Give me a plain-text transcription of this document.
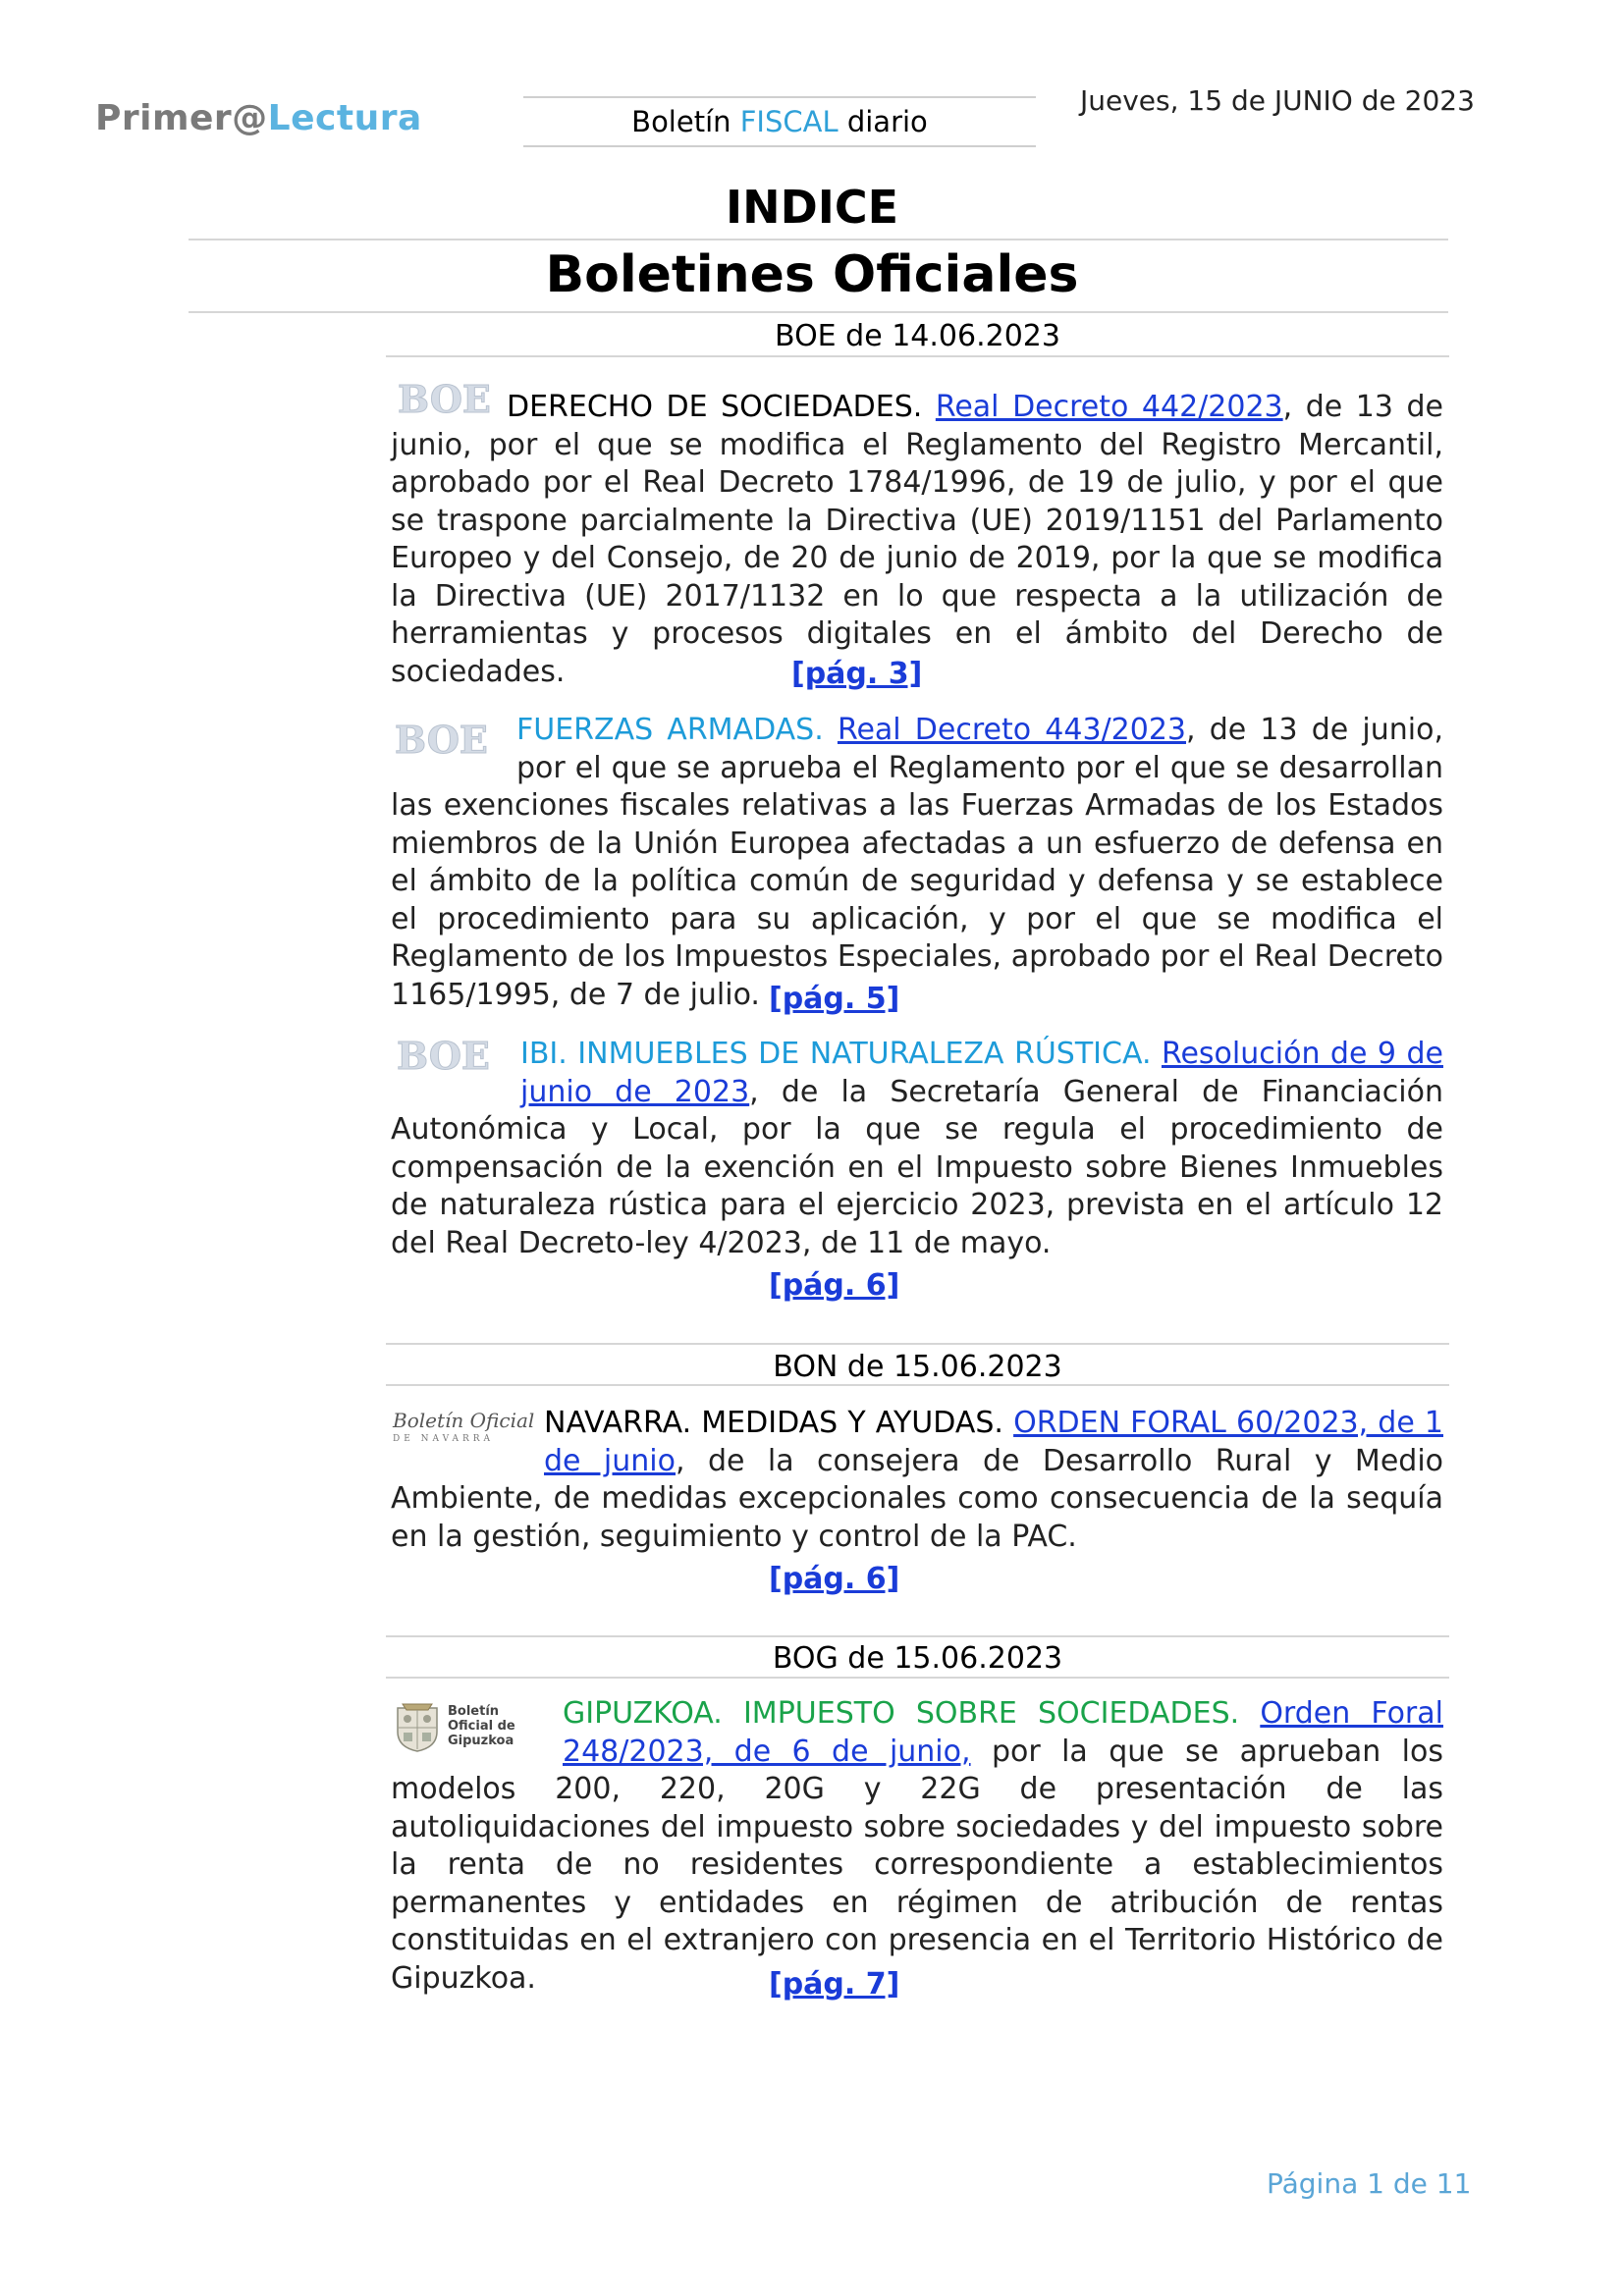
Primer@Lectura	Boletín FISCAL diario
Jueves, 15 de JUNIO de 2023
INDICE
Boletines Oficiales
BOE de 14.06.2023
BOE DERECHO DE SOCIEDADES. Real Decreto 442/2023, de 13 de junio, por el que se modifica el Reglamento del Registro Mercantil, aprobado por el Real Decreto 1784/1996, de 19 de julio, y por el que se traspone parcialmente la Directiva (UE) 2019/1151 del Parlamento Europeo y del Consejo, de 20 de junio de 2019, por la que se modifica la Directiva (UE) 2017/1132 en lo que respecta a la utilización de herramientas y procesos digitales en el ámbito del Derecho de sociedades.	[pág. 3]
BOE FUERZAS ARMADAS. Real Decreto 443/2023, de 13 de junio, por el que se aprueba el Reglamento por el que se desarrollan las exenciones fiscales relativas a las Fuerzas Armadas de los Estados miembros de la Unión Europea afectadas a un esfuerzo de defensa en el ámbito de la política común de seguridad y defensa y se establece el procedimiento para su aplicación, y por el que se modifica el Reglamento de los Impuestos Especiales, aprobado por el Real Decreto 1165/1995, de 7 de julio. [pág. 5]
BOE	IBI. INMUEBLES DE NATURALEZA RÚSTICA. Resolución de 9 de junio de 2023, de la Secretaría General de Financiación Autonómica y Local, por la que se regula el procedimiento de compensación de la exención en el Impuesto sobre Bienes Inmuebles de naturaleza rústica para el ejercicio 2023, prevista en el artículo 12 del Real Decreto-ley 4/2023, de 11 de mayo.
[pág. 6]
BON de 15.06.2023
Boletín Oficial
DE NAVARRA	NAVARRA. MEDIDAS Y AYUDAS. ORDEN FORAL 60/2023, de 1 de junio, de la consejera de Desarrollo Rural y Medio Ambiente, de medidas excepcionales como consecuencia de la sequía en la gestión, seguimiento y control de la PAC.
[pág. 6]
BOG de 15.06.2023
Boletín
Oficial de
Gipuzkoa
GIPUZKOA. IMPUESTO SOBRE SOCIEDADES. Orden Foral 248/2023, de 6 de junio, por la que se aprueban los modelos 200, 220, 20G y 22G de presentación de las autoliquidaciones del impuesto sobre sociedades y del impuesto sobre la renta de no residentes correspondiente a establecimientos permanentes y entidades en régimen de atribución de rentas constituidas en el extranjero con presencia en el Territorio Histórico de Gipuzkoa.	[pág. 7]
Página 1 de 11
